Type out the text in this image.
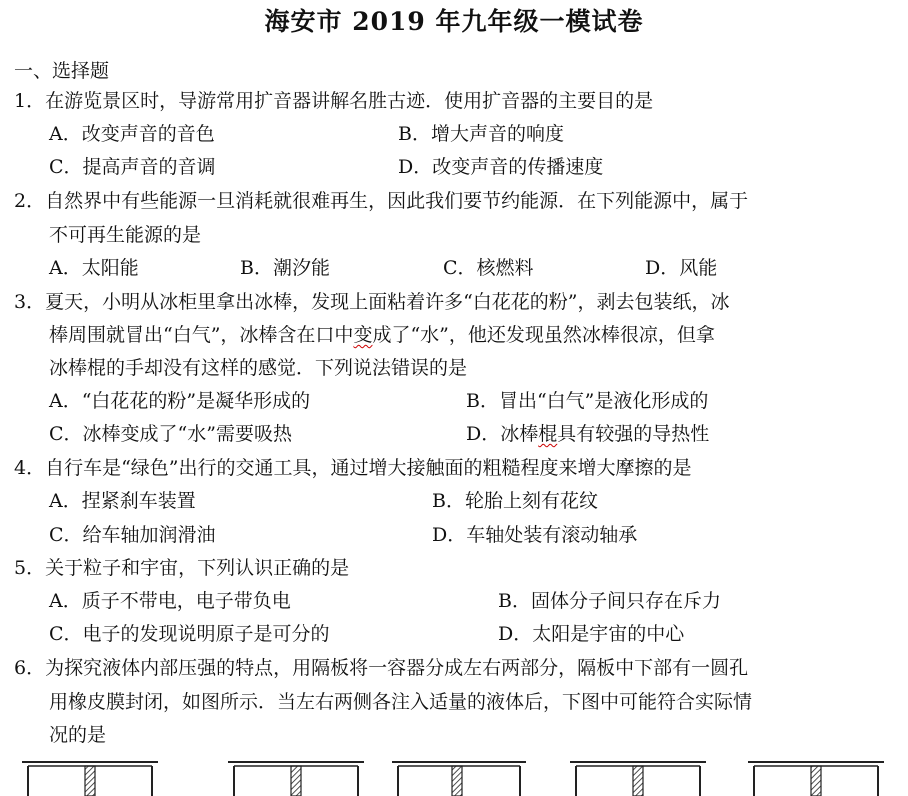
海安市 2019 年九年级一模试卷
一、选择题
1．在游览景区时，导游常用扩音器讲解名胜古迹．使用扩音器的主要目的是
A．改变声音的音色	B．增大声音的响度
C．提高声音的音调	D．改变声音的传播速度
2．自然界中有些能源一旦消耗就很难再生，因此我们要节约能源．在下列能源中，属于
不可再生能源的是
A．太阳能	B．潮汐能	C．核燃料	D．风能
3．夏天，小明从冰柜里拿出冰棒，发现上面粘着许多“白花花的粉”，剥去包装纸，冰
棒周围就冒出“白气”，冰棒含在口中变成了“水”，他还发现虽然冰棒很凉，但拿
冰棒棍的手却没有这样的感觉．下列说法错误的是
A．“白花花的粉”是凝华形成的	B．冒出“白气”是液化形成的
C．冰棒变成了“水”需要吸热	D．冰棒棍具有较强的导热性
4．自行车是“绿色”出行的交通工具，通过增大接触面的粗糙程度来增大摩擦的是
A．捏紧刹车装置	B．轮胎上刻有花纹
C．给车轴加润滑油	D．车轴处装有滚动轴承
5．关于粒子和宇宙，下列认识正确的是
A．质子不带电，电子带负电	B．固体分子间只存在斥力
C．电子的发现说明原子是可分的	D．太阳是宇宙的中心
6．为探究液体内部压强的特点，用隔板将一容器分成左右两部分，隔板中下部有一圆孔
用橡皮膜封闭，如图所示．当左右两侧各注入适量的液体后，下图中可能符合实际情
况的是
